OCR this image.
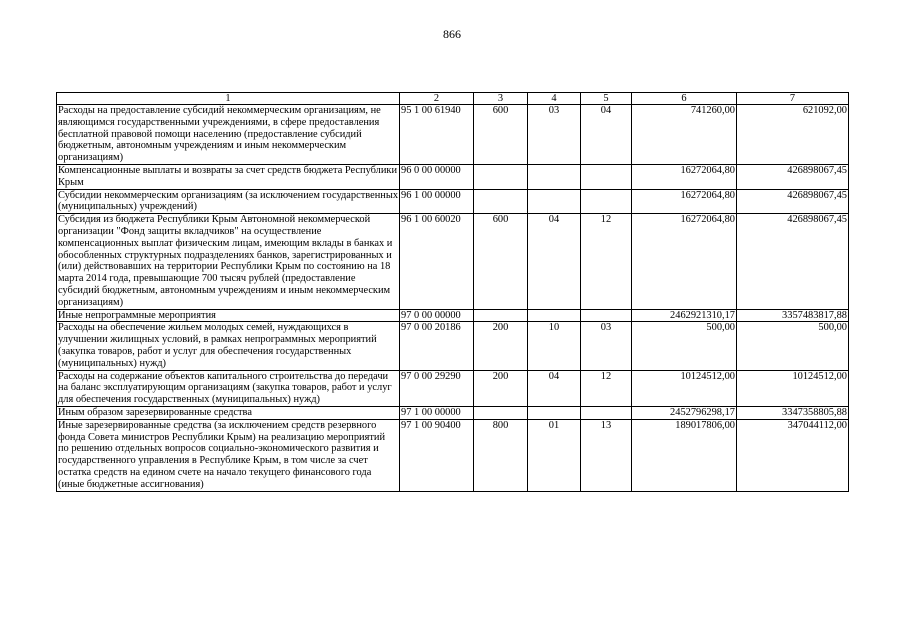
866
1	2	3	4	5	6	7
Расходы на предоставление субсидий некоммерческим организациям, не являющимся государственными учреждениями, в сфере предоставления бесплатной правовой помощи населению (предоставление субсидий бюджетным, автономным учреждениям и иным некоммерческим организациям)	95 1 00 61940	600	03	04	741260,00	621092,00
Компенсационные выплаты и возвраты за счет средств бюджета Республики Крым	96 0 00 00000				16272064,80	426898067,45
Субсидии некоммерческим организациям (за исключением государственных (муниципальных) учреждений)	96 1 00 00000				16272064,80	426898067,45
Субсидия из бюджета Республики Крым Автономной некоммерческой организации "Фонд защиты вкладчиков" на осуществление компенсационных выплат физическим лицам, имеющим вклады в банках и обособленных структурных подразделениях банков, зарегистрированных и (или) действовавших на территории Республики Крым по состоянию на 18 марта 2014 года, превышающие 700 тысяч рублей (предоставление субсидий бюджетным, автономным учреждениям и иным некоммерческим организациям)	96 1 00 60020	600	04	12	16272064,80	426898067,45
Иные непрограммные мероприятия	97 0 00 00000				2462921310,17	3357483817,88
Расходы на обеспечение жильем молодых семей, нуждающихся в улучшении жилищных условий, в рамках непрограммных мероприятий (закупка товаров, работ и услуг для обеспечения государственных (муниципальных) нужд)	97 0 00 20186	200	10	03	500,00	500,00
Расходы на содержание объектов капитального строительства до передачи на баланс эксплуатирующим организациям (закупка товаров, работ и услуг для обеспечения государственных (муниципальных) нужд)	97 0 00 29290	200	04	12	10124512,00	10124512,00
Иным образом зарезервированные средства	97 1 00 00000				2452796298,17	3347358805,88
Иные зарезервированные средства (за исключением средств резервного фонда Совета министров Республики Крым) на реализацию мероприятий по решению отдельных вопросов социально-экономического развития и государственного управления в Республике Крым, в том числе за счет остатка средств на едином счете на начало текущего финансового года (иные бюджетные ассигнования)	97 1 00 90400	800	01	13	189017806,00	347044112,00
